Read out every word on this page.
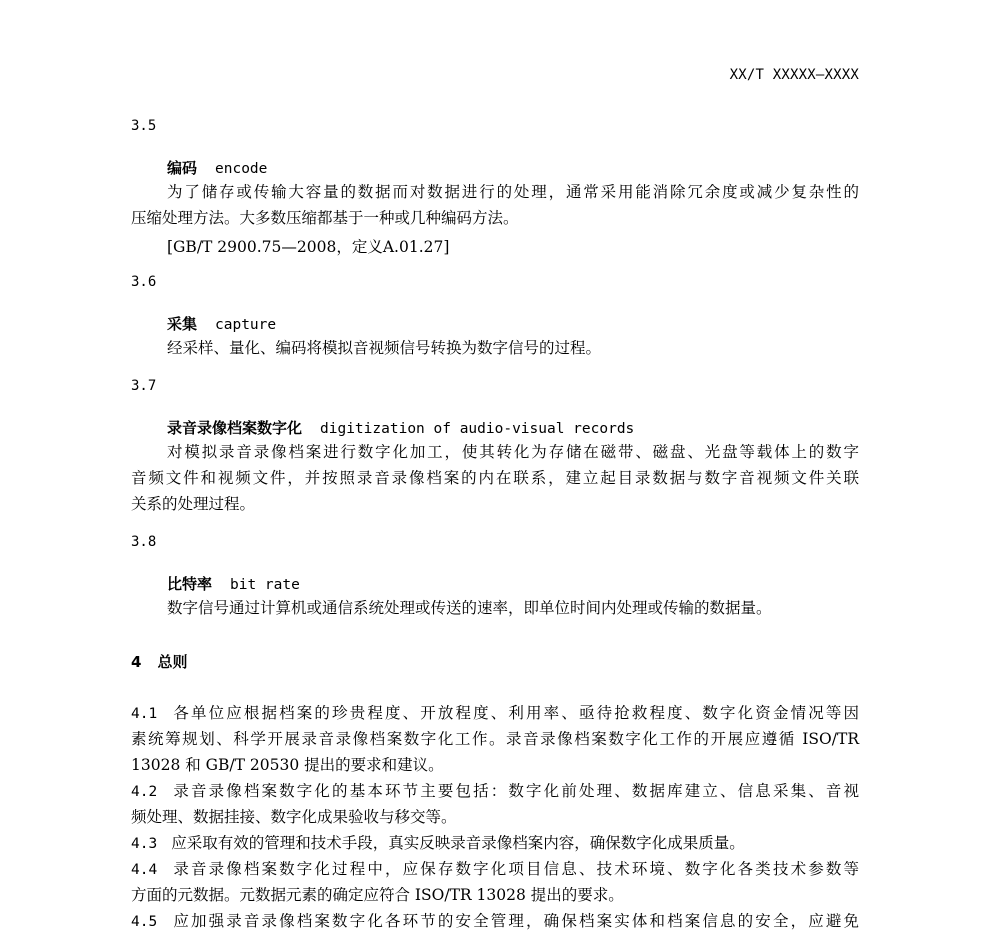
XX/T XXXXX—XXXX
3.5
编码 encode
为了储存或传输大容量的数据而对数据进行的处理，通常采用能消除冗余度或减少复杂性的
压缩处理方法。大多数压缩都基于一种或几种编码方法。
[GB/T 2900.75—2008，定义A.01.27]
3.6
采集 capture
经采样、量化、编码将模拟音视频信号转换为数字信号的过程。
3.7
录音录像档案数字化 digitization of audio-visual records
对模拟录音录像档案进行数字化加工，使其转化为存储在磁带、磁盘、光盘等载体上的数字
音频文件和视频文件，并按照录音录像档案的内在联系，建立起目录数据与数字音视频文件关联
关系的处理过程。
3.8
比特率 bit rate
数字信号通过计算机或通信系统处理或传送的速率，即单位时间内处理或传输的数据量。
4 总则
4.1 各单位应根据档案的珍贵程度、开放程度、利用率、亟待抢救程度、数字化资金情况等因
素统筹规划、科学开展录音录像档案数字化工作。录音录像档案数字化工作的开展应遵循 ISO/TR
13028 和 GB/T 20530 提出的要求和建议。
4.2 录音录像档案数字化的基本环节主要包括：数字化前处理、数据库建立、信息采集、音视
频处理、数据挂接、数字化成果验收与移交等。
4.3 应采取有效的管理和技术手段，真实反映录音录像档案内容，确保数字化成果质量。
4.4 录音录像档案数字化过程中，应保存数字化项目信息、技术环境、数字化各类技术参数等
方面的元数据。元数据元素的确定应符合 ISO/TR 13028 提出的要求。
4.5 应加强录音录像档案数字化各环节的安全管理，确保档案实体和档案信息的安全，应避免
